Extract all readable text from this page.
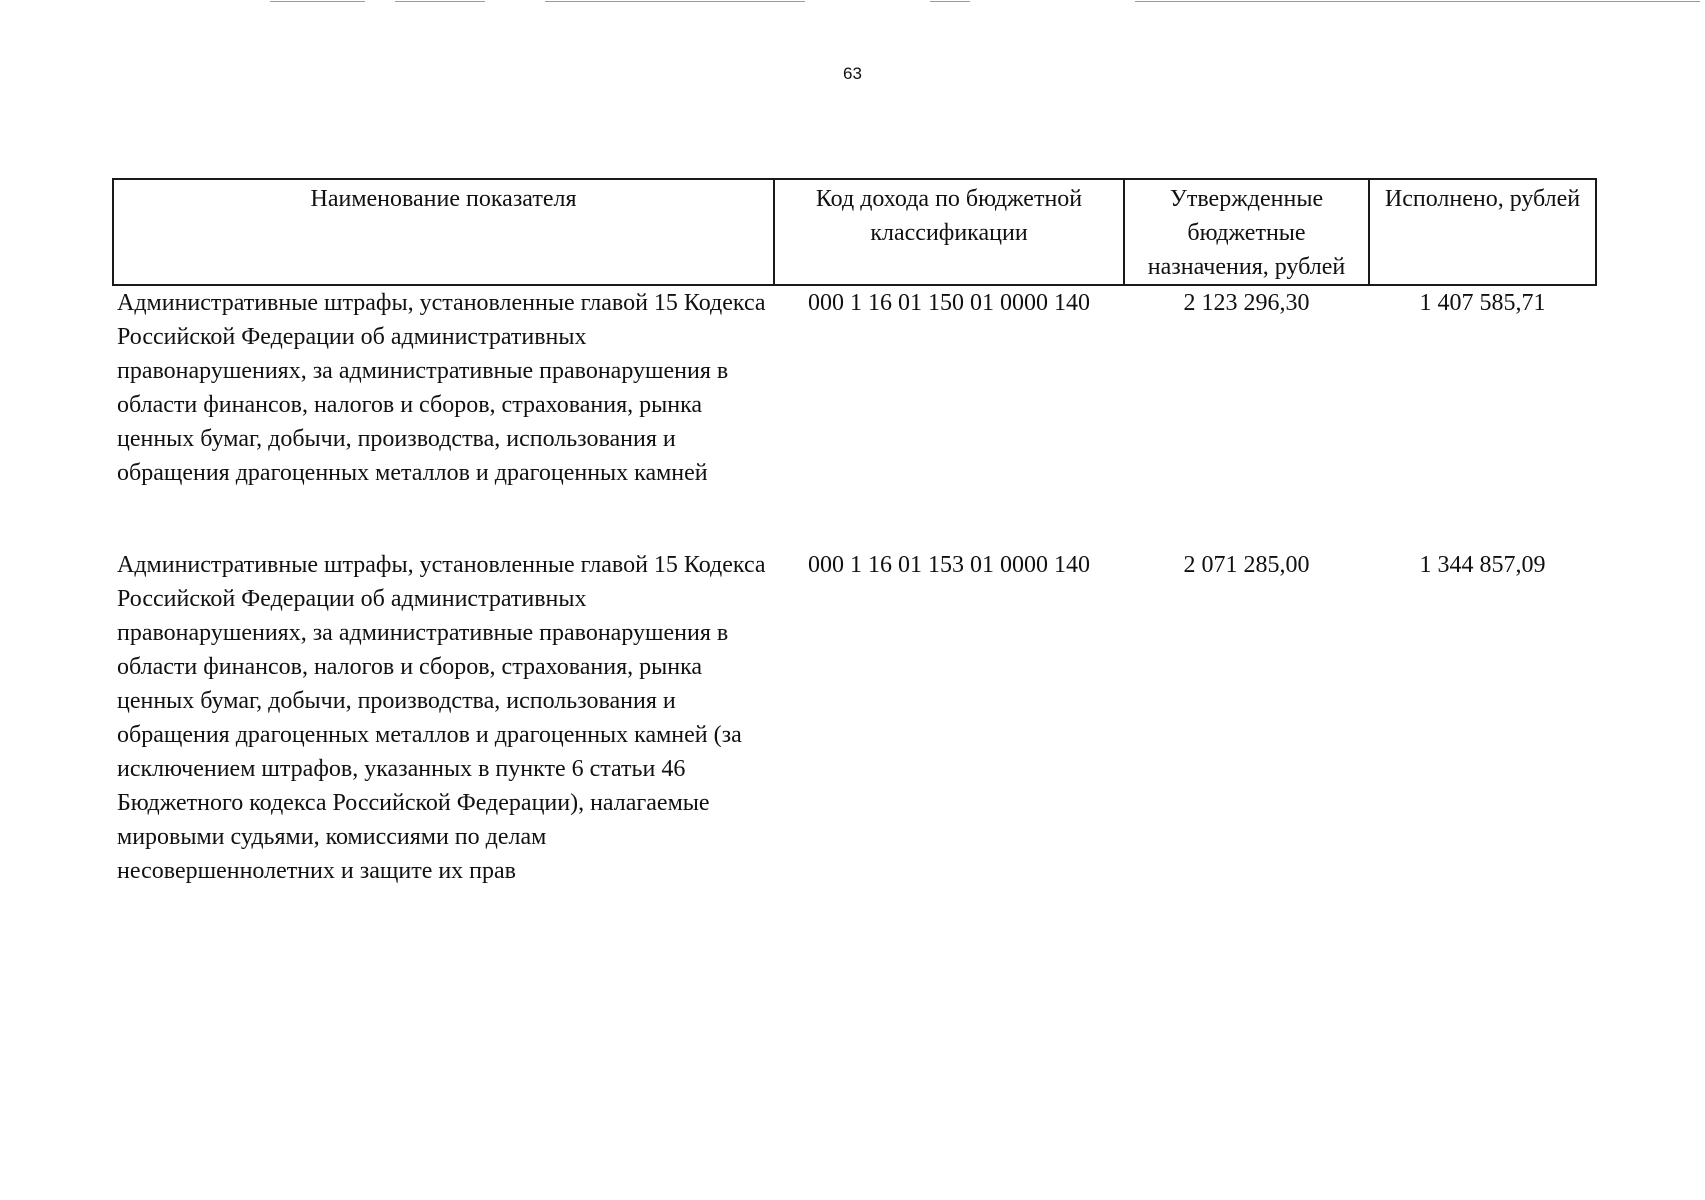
63
Наименование показателя	Код дохода по бюджетной классификации	Утвержденные бюджетные назначения, рублей	Исполнено, рублей
Административные штрафы, установленные главой 15 Кодекса Российской Федерации об административных правонарушениях, за административные правонарушения в области финансов, налогов и сборов, страхования, рынка ценных бумаг, добычи, производства, использования и обращения драгоценных металлов и драгоценных камней	000 1 16 01 150 01 0000 140	2 123 296,30	1 407 585,71
Административные штрафы, установленные главой 15 Кодекса Российской Федерации об административных правонарушениях, за административные правонарушения в области финансов, налогов и сборов, страхования, рынка ценных бумаг, добычи, производства, использования и обращения драгоценных металлов и драгоценных камней (за исключением штрафов, указанных в пункте 6 статьи 46 Бюджетного кодекса Российской Федерации), налагаемые мировыми судьями, комиссиями по делам несовершеннолетних и защите их прав	000 1 16 01 153 01 0000 140	2 071 285,00	1 344 857,09
